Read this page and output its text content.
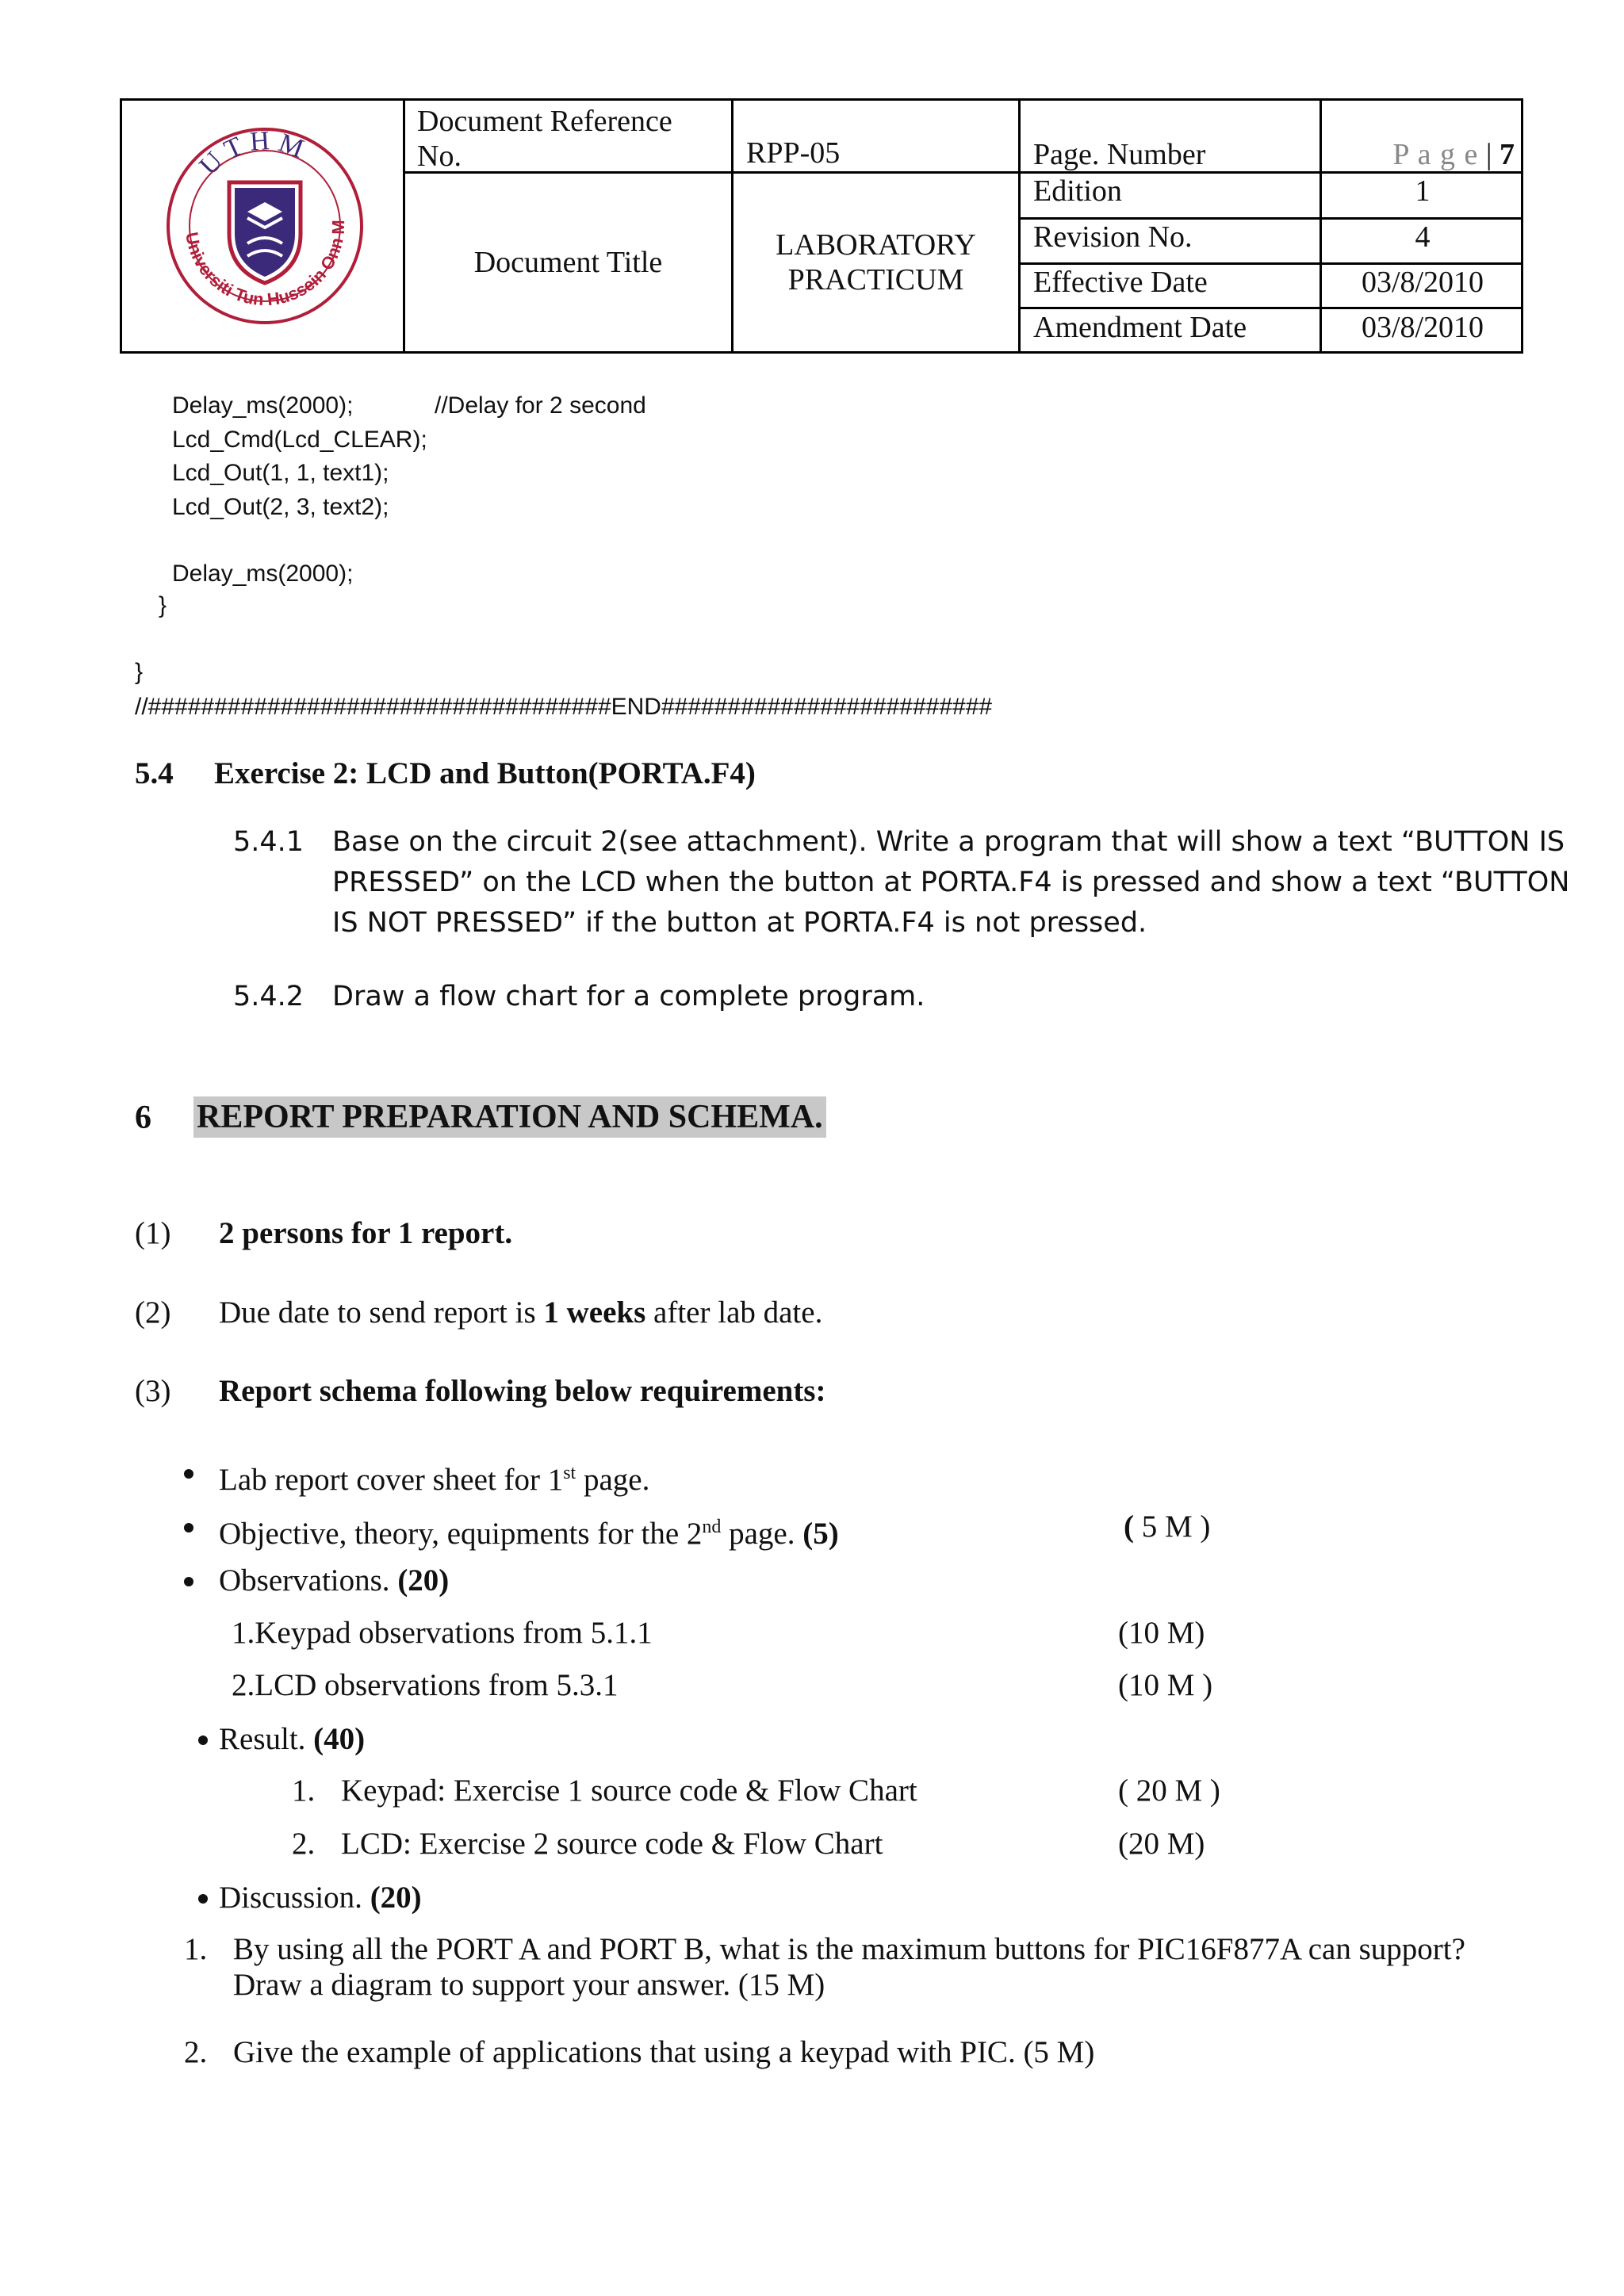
U T H M
Universiti Tun Hussein Onn M
Document Reference No.	RPP-05	Page. Number	P a g e | 7
Document Title
LABORATORY
PRACTICUM
Edition	1
Revision No.	4
Effective Date	03/8/2010
Amendment Date	03/8/2010
Delay_ms(2000);	//Delay for 2 second
Lcd_Cmd(Lcd_CLEAR);
Lcd_Out(1, 1, text1);
Lcd_Out(2, 3, text2);
Delay_ms(2000);
}
}
//###################################END#########################
5.4 Exercise 2: LCD and Button(PORTA.F4)
5.4.1 Base on the circuit 2(see attachment). Write a program that will show a text “BUTTON IS
PRESSED” on the LCD when the button at PORTA.F4 is pressed and show a text “BUTTON
IS NOT PRESSED” if the button at PORTA.F4 is not pressed.
5.4.2 Draw a flow chart for a complete program.
6 REPORT PREPARATION AND SCHEMA.
(1) 2 persons for 1 report.
(2) Due date to send report is 1 weeks after lab date.
(3) Report schema following below requirements:
Lab report cover sheet for 1st page.
Objective, theory, equipments for the 2nd page. (5)	( 5 M )
Observations. (20)
1.Keypad observations from 5.1.1	(10 M)
2.LCD observations from 5.3.1	(10 M )
Result. (40)
1. Keypad: Exercise 1 source code & Flow Chart	( 20 M )
2. LCD: Exercise 2 source code & Flow Chart	(20 M)
Discussion. (20)
1. By using all the PORT A and PORT B, what is the maximum buttons for PIC16F877A can support?
Draw a diagram to support your answer. (15 M)
2. Give the example of applications that using a keypad with PIC. (5 M)
